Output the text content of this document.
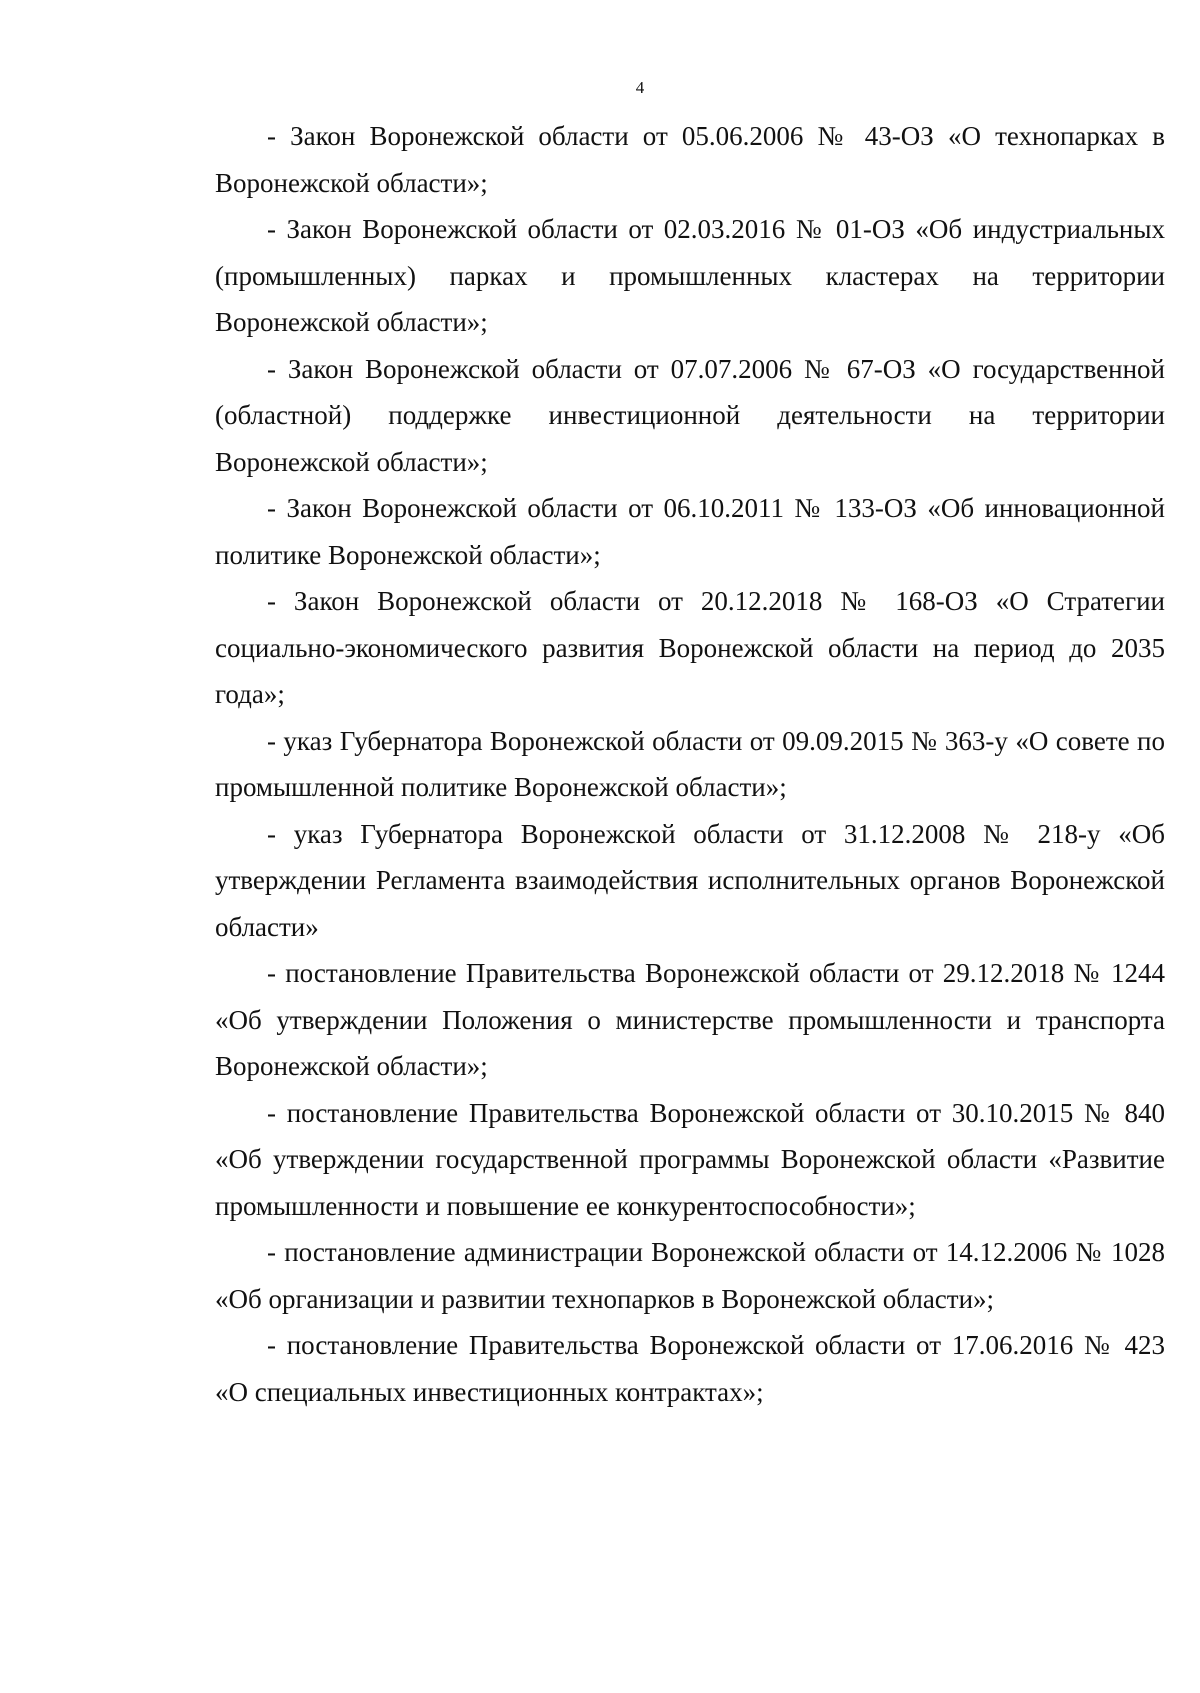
4

- Закон Воронежской области от 05.06.2006 № 43-ОЗ «О технопарках в Воронежской области»;

- Закон Воронежской области от 02.03.2016 № 01-ОЗ «Об индустриальных (промышленных) парках и промышленных кластерах на территории Воронежской области»;

- Закон Воронежской области от 07.07.2006 № 67-ОЗ «О государственной (областной) поддержке инвестиционной деятельности на территории Воронежской области»;

- Закон Воронежской области от 06.10.2011 № 133-ОЗ «Об инновационной политике Воронежской области»;

- Закон Воронежской области от 20.12.2018 № 168-ОЗ «О Стратегии социально-экономического развития Воронежской области на период до 2035 года»;

- указ Губернатора Воронежской области от 09.09.2015 № 363-у «О совете по промышленной политике Воронежской области»;

- указ Губернатора Воронежской области от 31.12.2008 № 218-у «Об утверждении Регламента взаимодействия исполнительных органов Воронежской области»

- постановление Правительства Воронежской области от 29.12.2018 № 1244 «Об утверждении Положения о министерстве промышленности и транспорта Воронежской области»;

- постановление Правительства Воронежской области от 30.10.2015 № 840 «Об утверждении государственной программы Воронежской области «Развитие промышленности и повышение ее конкурентоспособности»;

- постановление администрации Воронежской области от 14.12.2006 № 1028 «Об организации и развитии технопарков в Воронежской области»;

- постановление Правительства Воронежской области от 17.06.2016 № 423 «О специальных инвестиционных контрактах»;
